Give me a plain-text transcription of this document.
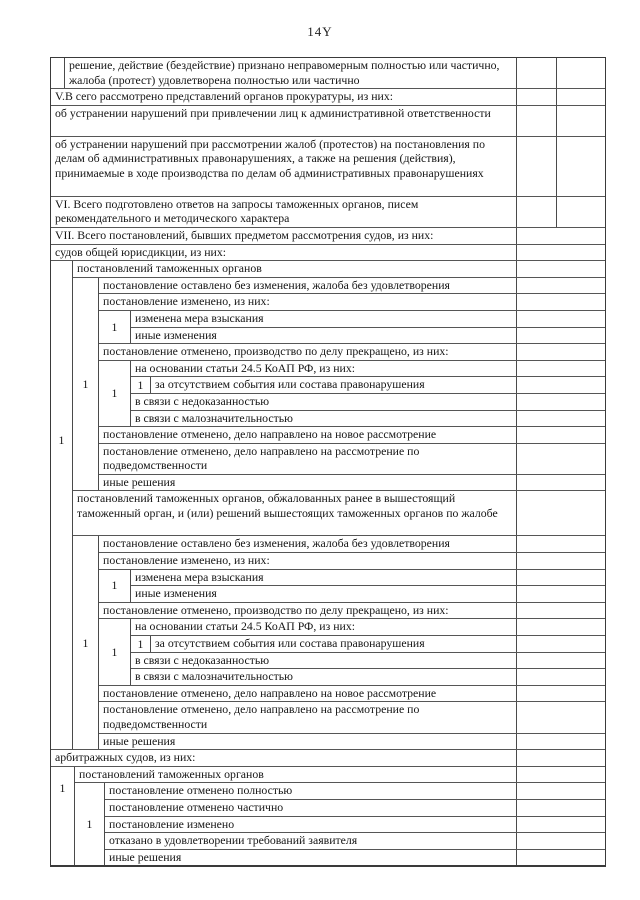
14Y
решение, действие (бездействие) признано неправомерным полностью или частично, жалоба (протест) удовлетворена полностью или частично
V.В сего рассмотрено представлений органов прокуратуры, из них:
об устранении нарушений при привлечении лиц к административной ответственности
об устранении нарушений при рассмотрении жалоб (протестов) на постановления по делам об административных правонарушениях, а также на решения (действия), принимаемые в ходе производства по делам об административных правонарушениях
VI. Всего подготовлено ответов на запросы таможенных органов, писем рекомендательного и методического характера
VII. Всего постановлений, бывших предметом рассмотрения судов, из них:
судов общей юрисдикции, из них:
1
постановлений таможенных органов
1
постановление оставлено без изменения, жалоба без удовлетворения
постановление изменено, из них:
1
изменена мера взыскания
иные изменения
постановление отменено, производство по делу прекращено, из них:
1
на основании статьи 24.5 КоАП РФ, из них:
1 за отсутствием события или состава правонарушения
в связи с недоказанностью
в связи с малозначительностью
постановление отменено, дело направлено на новое рассмотрение
постановление отменено, дело направлено на рассмотрение по подведомственности
иные решения
постановлений таможенных органов, обжалованных ранее в вышестоящий таможенный орган, и (или) решений вышестоящих таможенных органов по жалобе
1
постановление оставлено без изменения, жалоба без удовлетворения
постановление изменено, из них:
1
изменена мера взыскания
иные изменения
постановление отменено, производство по делу прекращено, из них:
1
на основании статьи 24.5 КоАП РФ, из них:
1 за отсутствием события или состава правонарушения
в связи с недоказанностью
в связи с малозначительностью
постановление отменено, дело направлено на новое рассмотрение
постановление отменено, дело направлено на рассмотрение по подведомственности
иные решения
арбитражных судов, из них:
1
постановлений таможенных органов
1
постановление отменено полностью
постановление отменено частично
постановление изменено
отказано в удовлетворении требований заявителя
иные решения
